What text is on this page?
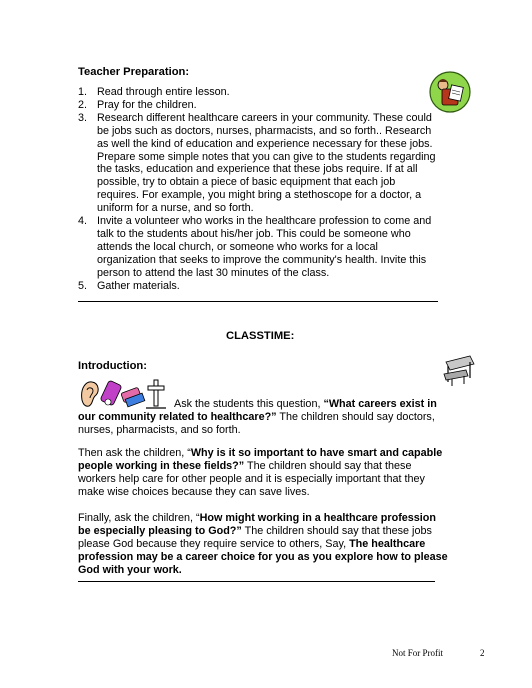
Teacher Preparation:
1. Read through entire lesson.
2. Pray for the children.
3. Research different healthcare careers in your community. These could be jobs such as doctors, nurses, pharmacists, and so forth.. Research as well the kind of education and experience necessary for these jobs. Prepare some simple notes that you can give to the students regarding the tasks, education and experience that these jobs require. If at all possible, try to obtain a piece of basic equipment that each job requires. For example, you might bring a stethoscope for a doctor, a uniform for a nurse, and so forth.
4. Invite a volunteer who works in the healthcare profession to come and talk to the students about his/her job. This could be someone who attends the local church, or someone who works for a local organization that seeks to improve the community's health. Invite this person to attend the last 30 minutes of the class.
5. Gather materials.
CLASSTIME:
Introduction:

Ask the students this question, “What careers exist in our community related to healthcare?” The children should say doctors, nurses, pharmacists, and so forth.

Then ask the children, “Why is it so important to have smart and capable people working in these fields?” The children should say that these workers help care for other people and it is especially important that they make wise choices because they can save lives.

Finally, ask the children, “How might working in a healthcare profession be especially pleasing to God?” The children should say that these jobs please God because they require service to others, Say, The healthcare profession may be a career choice for you as you explore how to please God with your work.

Not For Profit	2
